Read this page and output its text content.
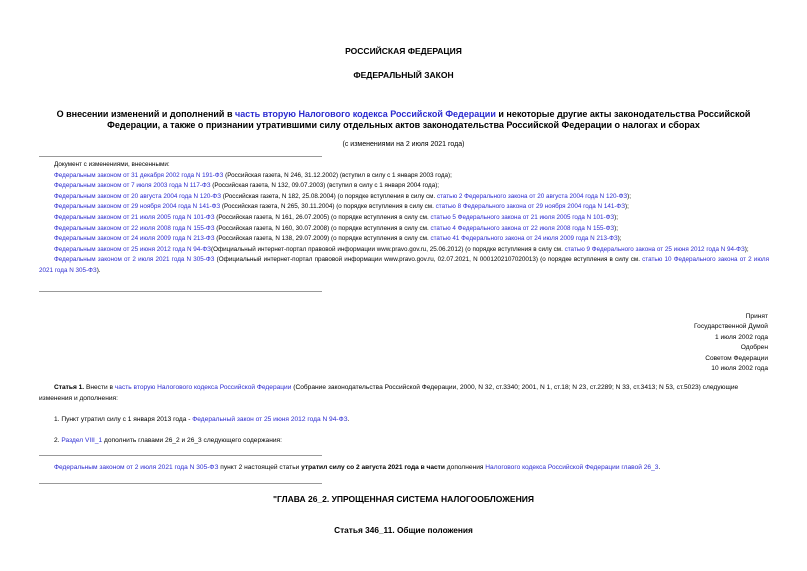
РОССИЙСКАЯ ФЕДЕРАЦИЯ
ФЕДЕРАЛЬНЫЙ ЗАКОН
О внесении изменений и дополнений в часть вторую Налогового кодекса Российской Федерации и некоторые другие акты законодательства Российской Федерации, а также о признании утратившими силу отдельных актов законодательства Российской Федерации о налогах и сборах
(с изменениями на 2 июля 2021 года)
Документ с изменениями, внесенными:
Федеральным законом от 31 декабря 2002 года N 191-ФЗ (Российская газета, N 246, 31.12.2002) (вступил в силу с 1 января 2003 года);
Федеральным законом от 7 июля 2003 года N 117-ФЗ (Российская газета, N 132, 09.07.2003) (вступил в силу с 1 января 2004 года);
Федеральным законом от 20 августа 2004 года N 120-ФЗ (Российская газета, N 182, 25.08.2004) (о порядке вступления в силу см. статью 2 Федерального закона от 20 августа 2004 года N 120-ФЗ);
Федеральным законом от 29 ноября 2004 года N 141-ФЗ (Российская газета, N 265, 30.11.2004) (о порядке вступления в силу см. статью 8 Федерального закона от 29 ноября 2004 года N 141-ФЗ);
Федеральным законом от 21 июля 2005 года N 101-ФЗ (Российская газета, N 161, 26.07.2005) (о порядке вступления в силу см. статью 5 Федерального закона от 21 июля 2005 года N 101-ФЗ);
Федеральным законом от 22 июля 2008 года N 155-ФЗ (Российская газета, N 160, 30.07.2008) (о порядке вступления в силу см. статью 4 Федерального закона от 22 июля 2008 года N 155-ФЗ);
Федеральным законом от 24 июля 2009 года N 213-ФЗ (Российская газета, N 138, 29.07.2009) (о порядке вступления в силу см. статью 41 Федерального закона от 24 июля 2009 года N 213-ФЗ);
Федеральным законом от 25 июня 2012 года N 94-ФЗ(Официальный интернет-портал правовой информации www.pravo.gov.ru, 25.06.2012) (о порядке вступления в силу см. статью 9 Федерального закона от 25 июня 2012 года N 94-ФЗ);
Федеральным законом от 2 июля 2021 года N 305-ФЗ (Официальный интернет-портал правовой информации www.pravo.gov.ru, 02.07.2021, N 0001202107020013) (о порядке вступления в силу см. статью 10 Федерального закона от 2 июля 2021 года N 305-ФЗ).
Принят
Государственной Думой
1 июля 2002 года
Одобрен
Советом Федерации
10 июля 2002 года
Статья 1. Внести в часть вторую Налогового кодекса Российской Федерации (Собрание законодательства Российской Федерации, 2000, N 32, ст.3340; 2001, N 1, ст.18; N 23, ст.2289; N 33, ст.3413; N 53, ст.5023) следующие изменения и дополнения:
1. Пункт утратил силу с 1 января 2013 года - Федеральный закон от 25 июня 2012 года N 94-ФЗ.
2. Раздел VIII_1 дополнить главами 26_2 и 26_3 следующего содержания:
Федеральным законом от 2 июля 2021 года N 305-ФЗ пункт 2 настоящей статьи утратил силу со 2 августа 2021 года в части дополнения Налогового кодекса Российской Федерации главой 26_3.
"ГЛАВА 26_2. УПРОЩЕННАЯ СИСТЕМА НАЛОГООБЛОЖЕНИЯ
Статья 346_11. Общие положения
